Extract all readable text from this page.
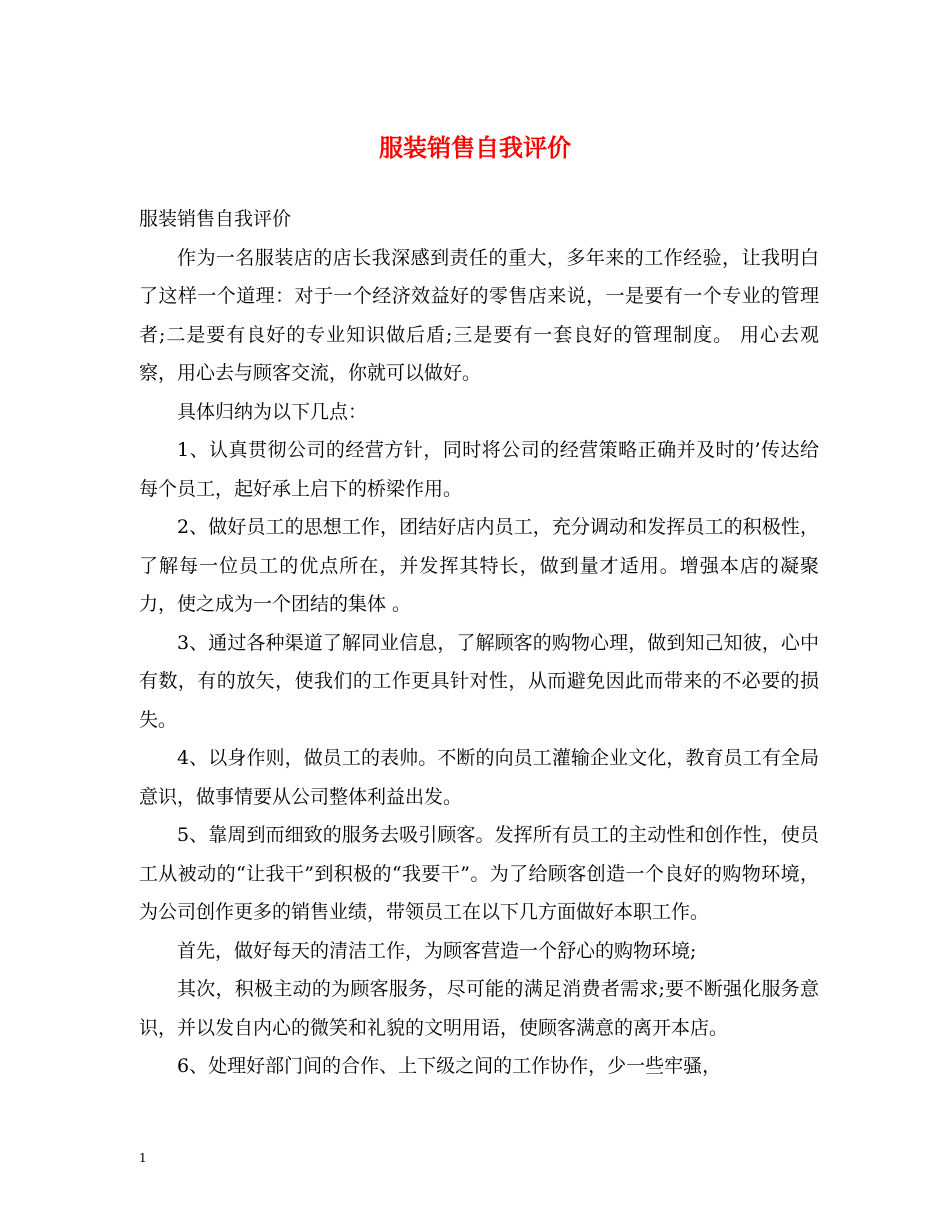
服装销售自我评价

服装销售自我评价

作为一名服装店的店长我深感到责任的重大，多年来的工作经验，让我明白了这样一个道理：对于一个经济效益好的零售店来说，一是要有一个专业的管理者;二是要有良好的专业知识做后盾;三是要有一套良好的管理制度。 用心去观察，用心去与顾客交流，你就可以做好。

具体归纳为以下几点：

1、认真贯彻公司的经营方针，同时将公司的经营策略正确并及时的’传达给每个员工，起好承上启下的桥梁作用。

2、做好员工的思想工作，团结好店内员工，充分调动和发挥员工的积极性，了解每一位员工的优点所在，并发挥其特长，做到量才适用。增强本店的凝聚力，使之成为一个团结的集体 。

3、通过各种渠道了解同业信息，了解顾客的购物心理，做到知己知彼，心中有数，有的放矢，使我们的工作更具针对性，从而避免因此而带来的不必要的损失。

4、以身作则，做员工的表帅。不断的向员工灌输企业文化，教育员工有全局意识，做事情要从公司整体利益出发。

5、靠周到而细致的服务去吸引顾客。发挥所有员工的主动性和创作性，使员工从被动的“让我干”到积极的“我要干”。为了给顾客创造一个良好的购物环境，为公司创作更多的销售业绩，带领员工在以下几方面做好本职工作。

首先，做好每天的清洁工作，为顾客营造一个舒心的购物环境;

其次，积极主动的为顾客服务，尽可能的满足消费者需求;要不断强化服务意识，并以发自内心的微笑和礼貌的文明用语，使顾客满意的离开本店。

6、处理好部门间的合作、上下级之间的工作协作，少一些牢骚，

1
